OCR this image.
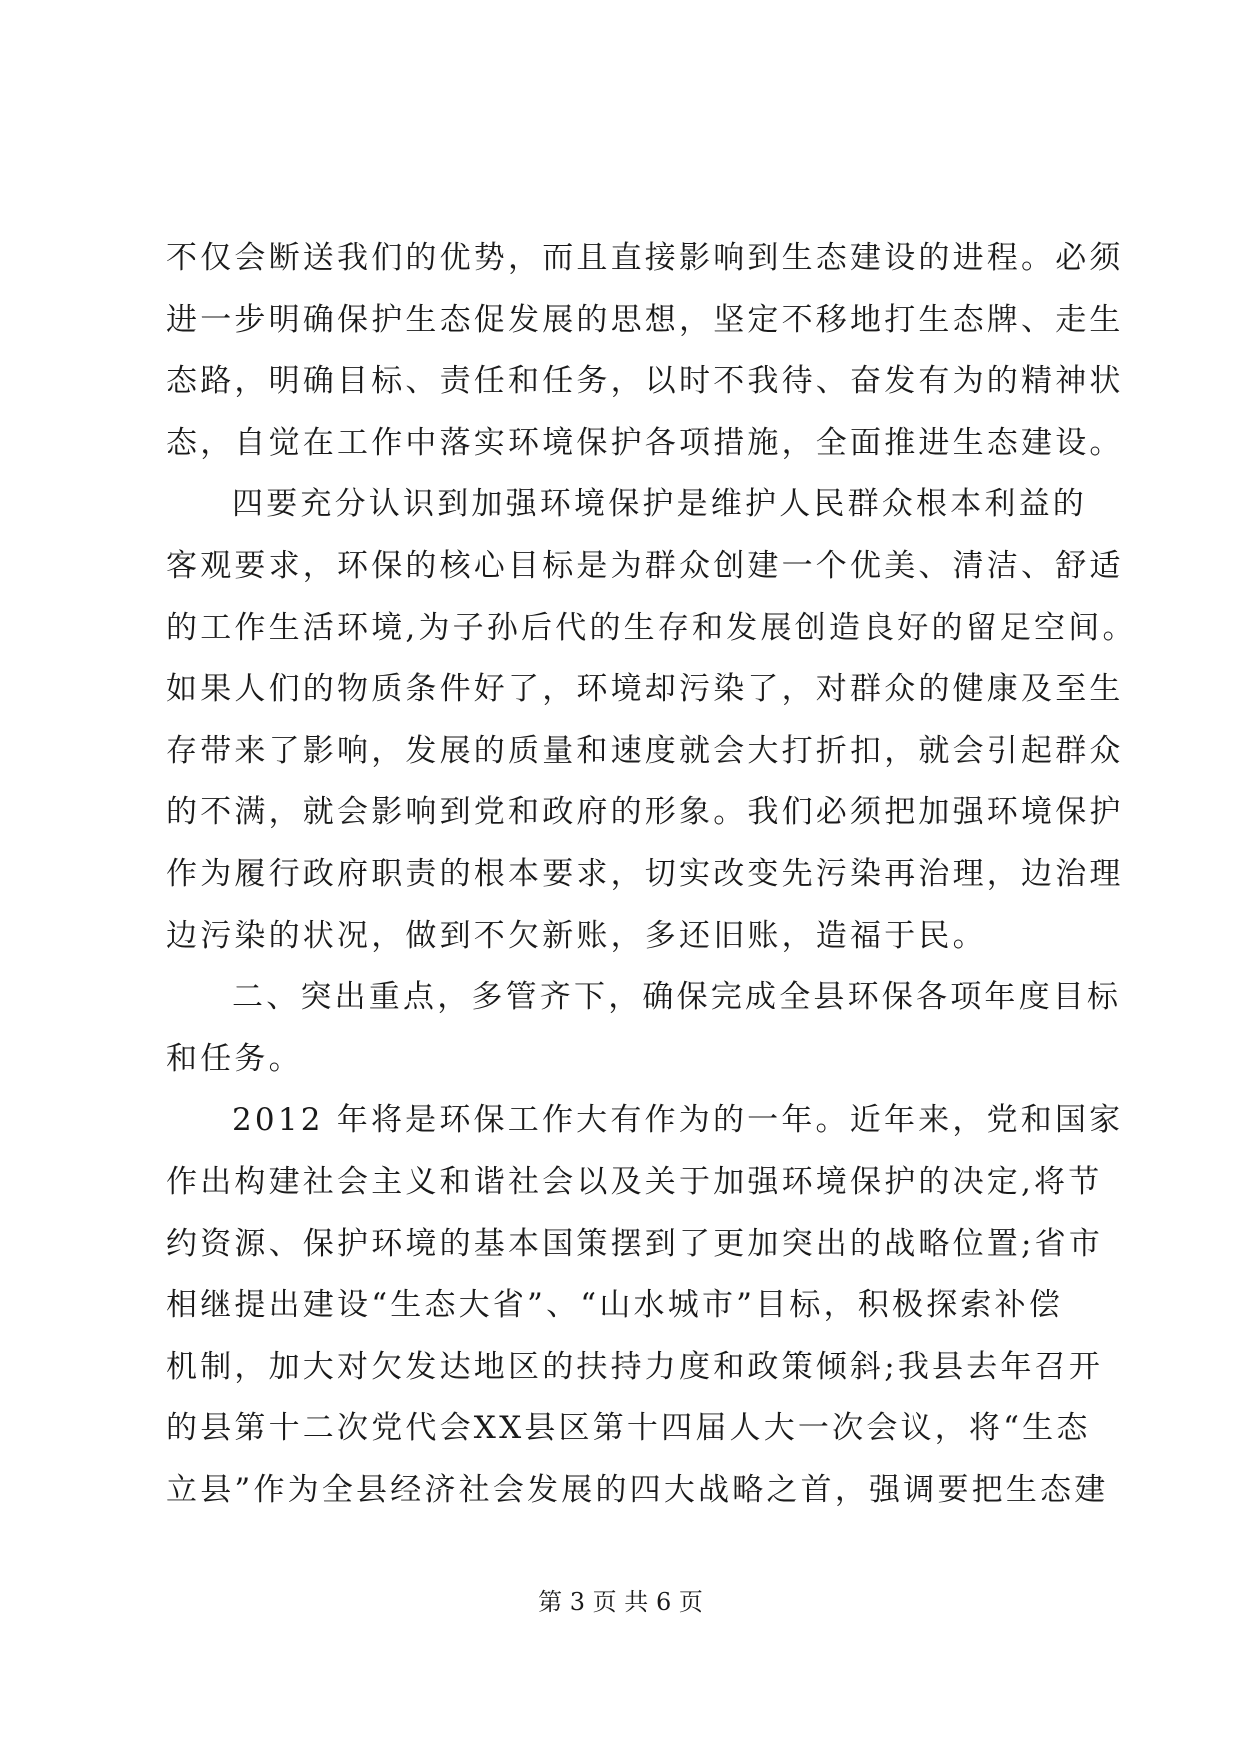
不仅会断送我们的优势，而且直接影响到生态建设的进程。必须

进一步明确保护生态促发展的思想，坚定不移地打生态牌、走生

态路，明确目标、责任和任务，以时不我待、奋发有为的精神状

态，自觉在工作中落实环境保护各项措施，全面推进生态建设。

四要充分认识到加强环境保护是维护人民群众根本利益的

客观要求，环保的核心目标是为群众创建一个优美、清洁、舒适

的工作生活环境,为子孙后代的生存和发展创造良好的留足空间。

如果人们的物质条件好了，环境却污染了，对群众的健康及至生

存带来了影响，发展的质量和速度就会大打折扣，就会引起群众

的不满，就会影响到党和政府的形象。我们必须把加强环境保护

作为履行政府职责的根本要求，切实改变先污染再治理，边治理

边污染的状况，做到不欠新账，多还旧账，造福于民。

二、突出重点，多管齐下，确保完成全县环保各项年度目标

和任务。

2012 年将是环保工作大有作为的一年。近年来，党和国家

作出构建社会主义和谐社会以及关于加强环境保护的决定,将节

约资源、保护环境的基本国策摆到了更加突出的战略位置;省市

相继提出建设“生态大省”、“山水城市”目标，积极探索补偿

机制，加大对欠发达地区的扶持力度和政策倾斜;我县去年召开

的县第十二次党代会XX县区第十四届人大一次会议，将“生态

立县”作为全县经济社会发展的四大战略之首，强调要把生态建

第 3 页 共 6 页
